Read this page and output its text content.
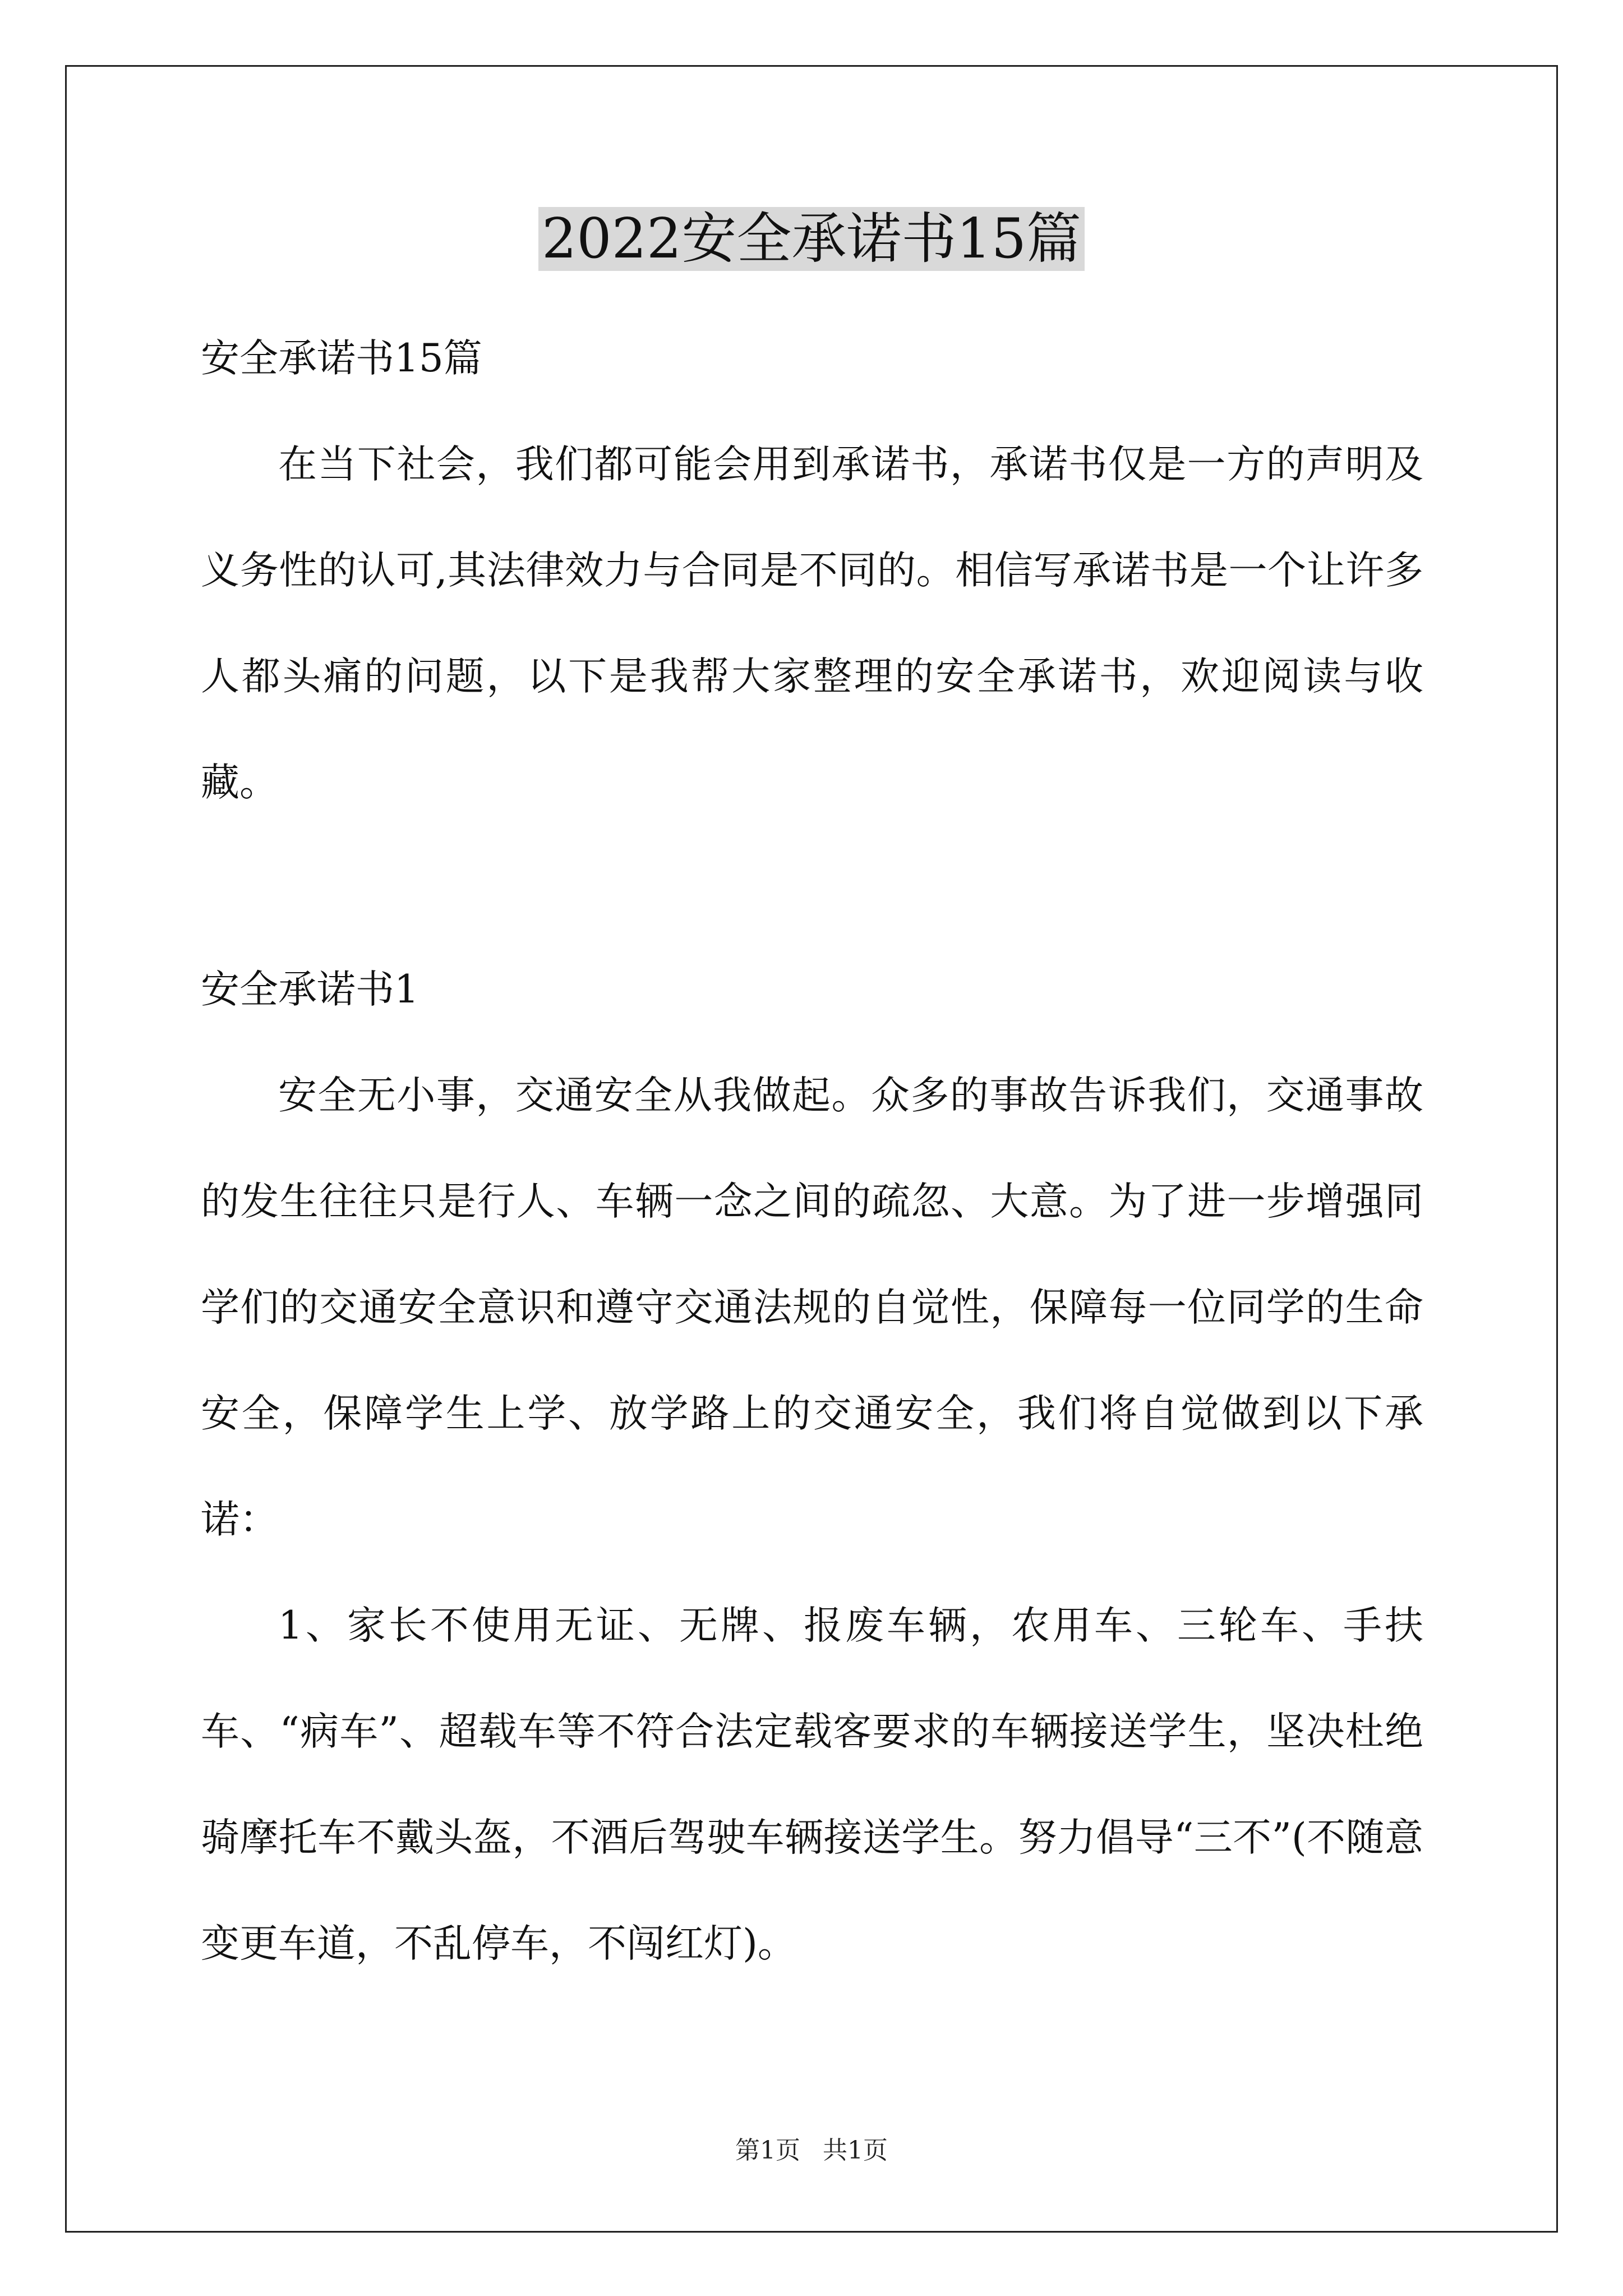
2022安全承诺书15篇

安全承诺书15篇

在当下社会，我们都可能会用到承诺书，承诺书仅是一方的声明及义务性的认可,其法律效力与合同是不同的。相信写承诺书是一个让许多人都头痛的问题，以下是我帮大家整理的安全承诺书，欢迎阅读与收藏。

安全承诺书1

安全无小事，交通安全从我做起。众多的事故告诉我们，交通事故的发生往往只是行人、车辆一念之间的疏忽、大意。为了进一步增强同学们的交通安全意识和遵守交通法规的自觉性，保障每一位同学的生命安全，保障学生上学、放学路上的交通安全，我们将自觉做到以下承诺：

1、家长不使用无证、无牌、报废车辆，农用车、三轮车、手扶车、“病车”、超载车等不符合法定载客要求的车辆接送学生，坚决杜绝骑摩托车不戴头盔，不酒后驾驶车辆接送学生。努力倡导“三不”(不随意变更车道，不乱停车，不闯红灯)。

第1页 共1页
